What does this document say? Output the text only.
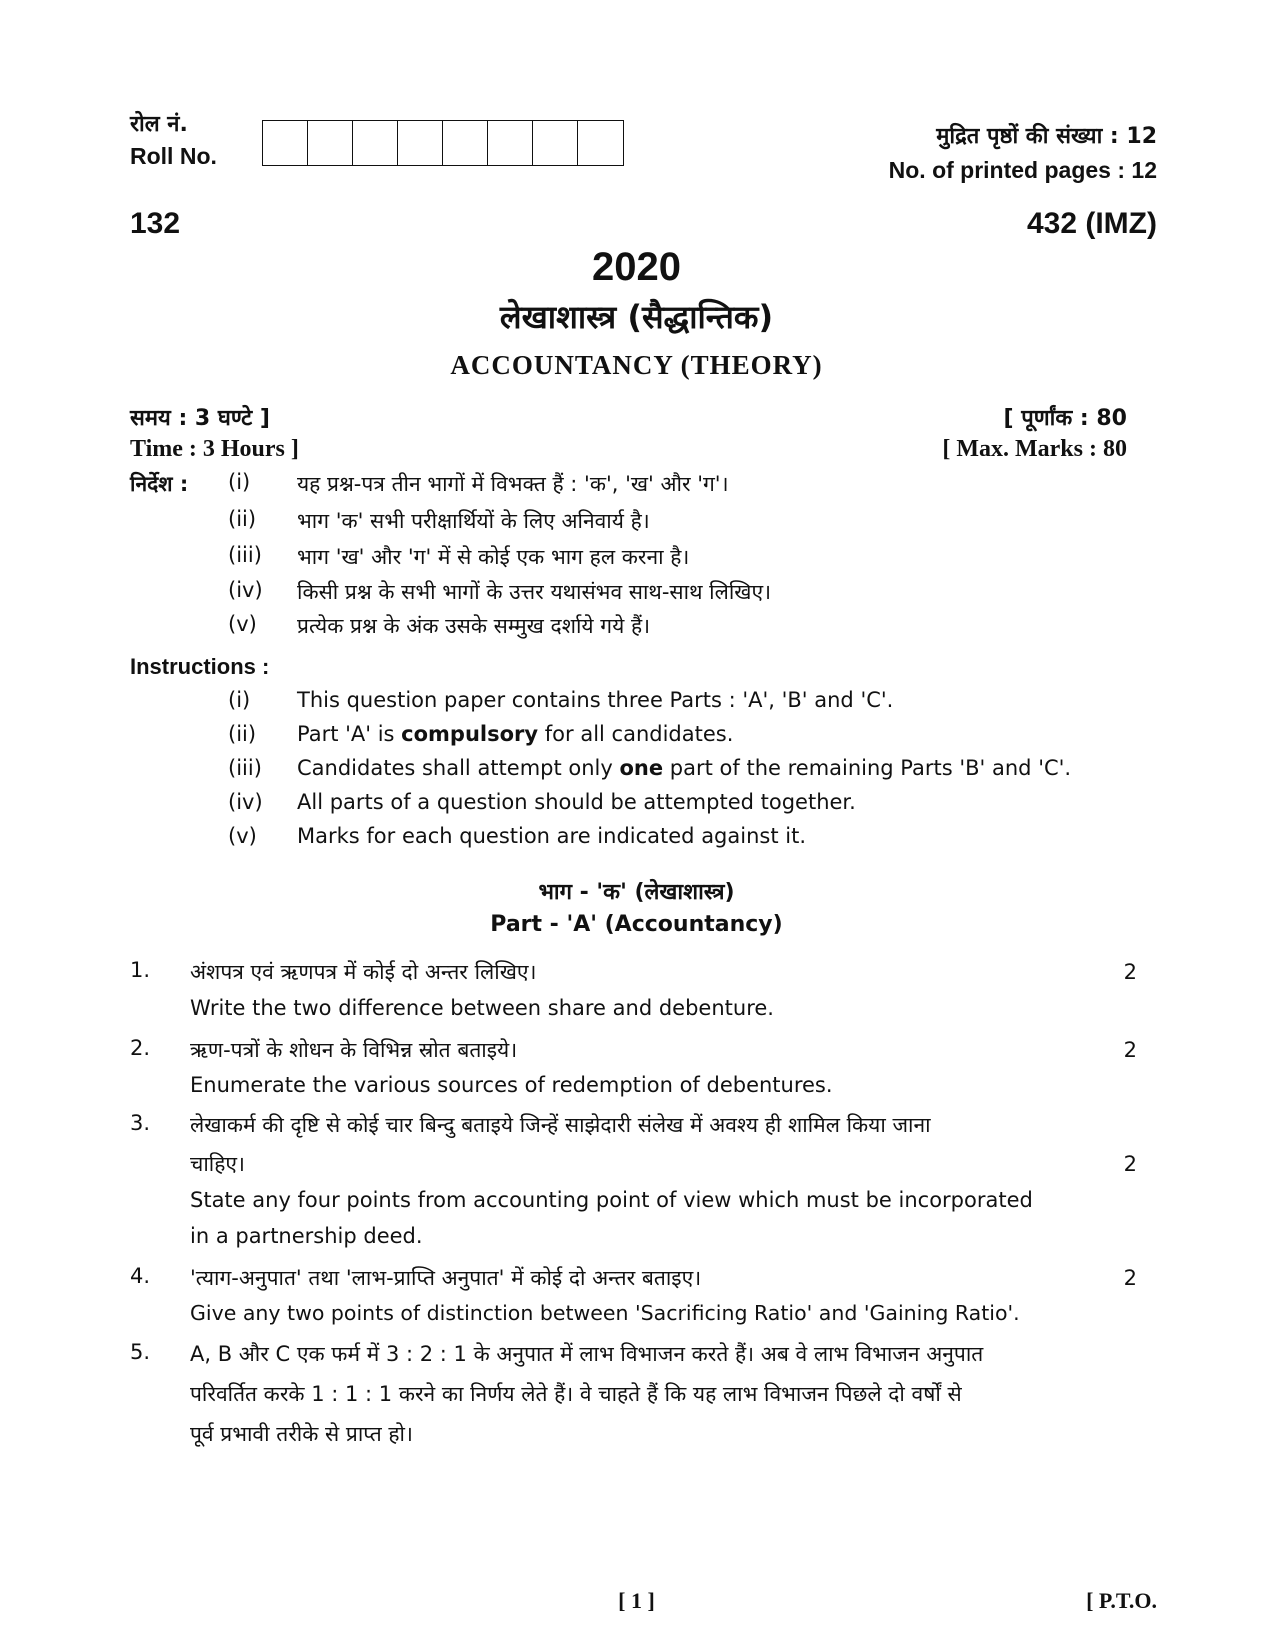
रोल नं.
Roll No.
मुद्रित पृष्ठों की संख्या : 12
No. of printed pages : 12
132	432 (IMZ)
2020
लेखाशास्त्र (सैद्धान्तिक)
ACCOUNTANCY (THEORY)
समय : 3 घण्टे ]
Time : 3 Hours ]
[ पूर्णांक : 80
[ Max. Marks : 80
निर्देश : (i) यह प्रश्न-पत्र तीन भागों में विभक्त हैं : 'क', 'ख' और 'ग'।
(ii) भाग 'क' सभी परीक्षार्थियों के लिए अनिवार्य है।
(iii) भाग 'ख' और 'ग' में से कोई एक भाग हल करना है।
(iv) किसी प्रश्न के सभी भागों के उत्तर यथासंभव साथ-साथ लिखिए।
(v) प्रत्येक प्रश्न के अंक उसके सम्मुख दर्शाये गये हैं।
Instructions :
(i) This question paper contains three Parts : 'A', 'B' and 'C'.
(ii) Part 'A' is compulsory for all candidates.
(iii) Candidates shall attempt only one part of the remaining Parts 'B' and 'C'.
(iv) All parts of a question should be attempted together.
(v) Marks for each question are indicated against it.
भाग - 'क' (लेखाशास्त्र)
Part - 'A' (Accountancy)
1. अंशपत्र एवं ऋणपत्र में कोई दो अन्तर लिखिए।	2
Write the two difference between share and debenture.
2. ऋण-पत्रों के शोधन के विभिन्न स्रोत बताइये।	2
Enumerate the various sources of redemption of debentures.
3. लेखाकर्म की दृष्टि से कोई चार बिन्दु बताइये जिन्हें साझेदारी संलेख में अवश्य ही शामिल किया जाना
चाहिए।	2
State any four points from accounting point of view which must be incorporated
in a partnership deed.
4. 'त्याग-अनुपात' तथा 'लाभ-प्राप्ति अनुपात' में कोई दो अन्तर बताइए।	2
Give any two points of distinction between 'Sacrificing Ratio' and 'Gaining Ratio'.
5. A, B और C एक फर्म में 3 : 2 : 1 के अनुपात में लाभ विभाजन करते हैं। अब वे लाभ विभाजन अनुपात
परिवर्तित करके 1 : 1 : 1 करने का निर्णय लेते हैं। वे चाहते हैं कि यह लाभ विभाजन पिछले दो वर्षों से
पूर्व प्रभावी तरीके से प्राप्त हो।
[ 1 ]	[ P.T.O.
